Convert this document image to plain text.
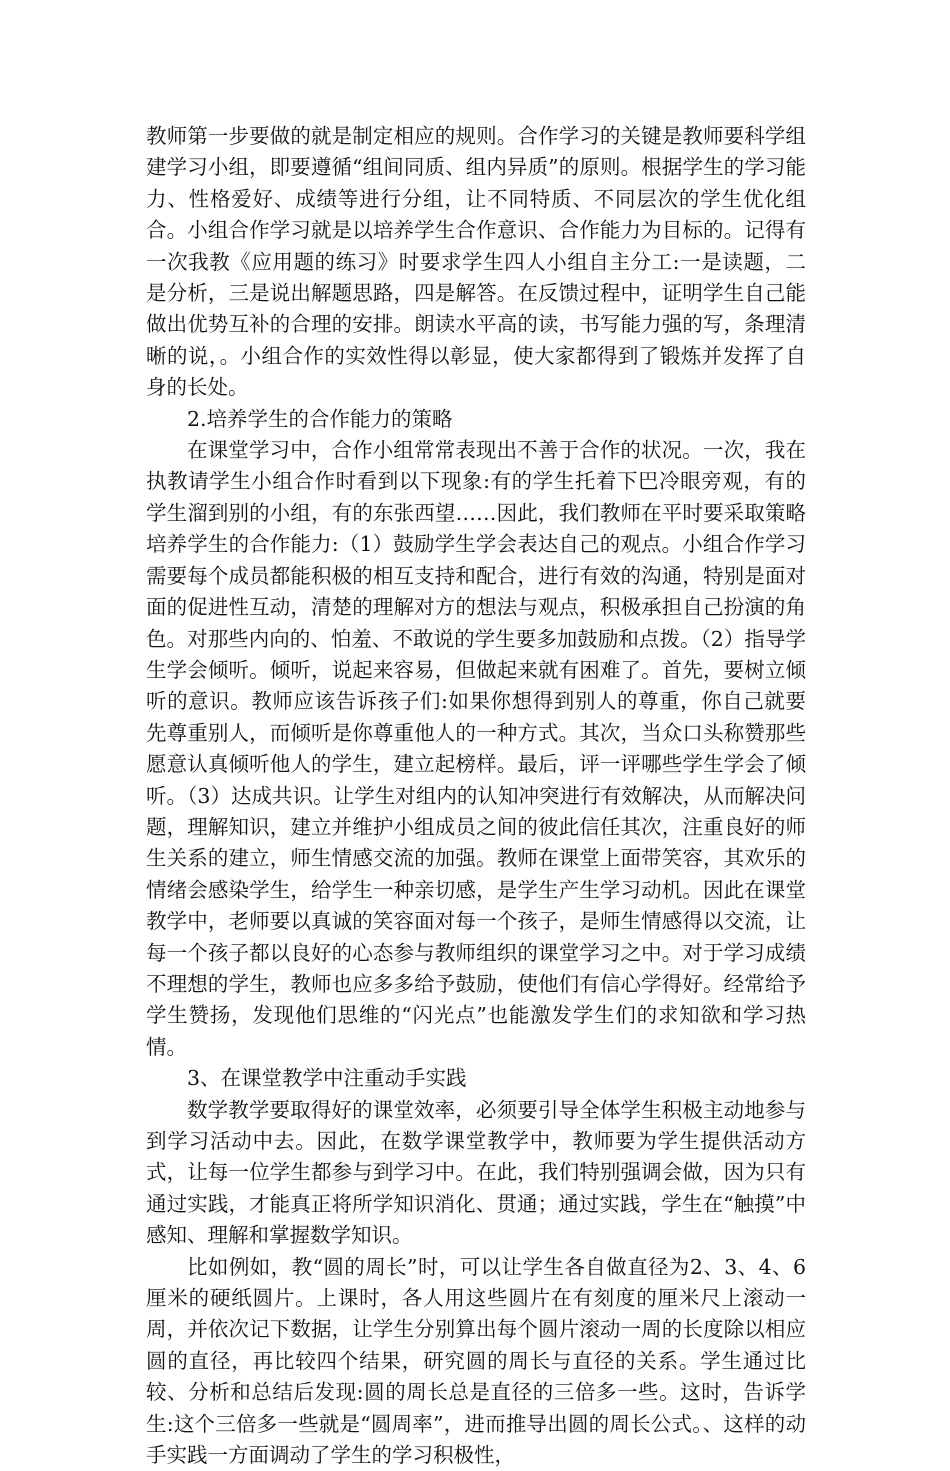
教师第一步要做的就是制定相应的规则。合作学习的关键是教师要科学组建学习小组，即要遵循“组间同质、组内异质”的原则。根据学生的学习能力、性格爱好、成绩等进行分组，让不同特质、不同层次的学生优化组合。小组合作学习就是以培养学生合作意识、合作能力为目标的。记得有一次我教《应用题的练习》时要求学生四人小组自主分工:一是读题，二是分析，三是说出解题思路，四是解答。在反馈过程中，证明学生自己能做出优势互补的合理的安排。朗读水平高的读，书写能力强的写，条理清晰的说，。小组合作的实效性得以彰显，使大家都得到了锻炼并发挥了自身的长处。

2.培养学生的合作能力的策略

在课堂学习中，合作小组常常表现出不善于合作的状况。一次，我在执教请学生小组合作时看到以下现象:有的学生托着下巴冷眼旁观，有的学生溜到别的小组，有的东张西望……因此，我们教师在平时要采取策略培养学生的合作能力:（1）鼓励学生学会表达自己的观点。小组合作学习需要每个成员都能积极的相互支持和配合，进行有效的沟通，特别是面对面的促进性互动，清楚的理解对方的想法与观点，积极承担自己扮演的角色。对那些内向的、怕羞、不敢说的学生要多加鼓励和点拨。（2）指导学生学会倾听。倾听，说起来容易，但做起来就有困难了。首先，要树立倾听的意识。教师应该告诉孩子们:如果你想得到别人的尊重，你自己就要先尊重别人，而倾听是你尊重他人的一种方式。其次，当众口头称赞那些愿意认真倾听他人的学生，建立起榜样。最后，评一评哪些学生学会了倾听。（3）达成共识。让学生对组内的认知冲突进行有效解决，从而解决问题，理解知识，建立并维护小组成员之间的彼此信任其次，注重良好的师生关系的建立，师生情感交流的加强。教师在课堂上面带笑容，其欢乐的情绪会感染学生，给学生一种亲切感，是学生产生学习动机。因此在课堂教学中，老师要以真诚的笑容面对每一个孩子，是师生情感得以交流，让每一个孩子都以良好的心态参与教师组织的课堂学习之中。对于学习成绩不理想的学生，教师也应多多给予鼓励，使他们有信心学得好。经常给予学生赞扬，发现他们思维的“闪光点”也能激发学生们的求知欲和学习热情。

3、在课堂教学中注重动手实践

数学教学要取得好的课堂效率，必须要引导全体学生积极主动地参与到学习活动中去。因此，在数学课堂教学中，教师要为学生提供活动方式，让每一位学生都参与到学习中。在此，我们特别强调会做，因为只有通过实践，才能真正将所学知识消化、贯通；通过实践，学生在“触摸”中感知、理解和掌握数学知识。

比如例如，教“圆的周长”时，可以让学生各自做直径为2、3、4、6厘米的硬纸圆片。上课时，各人用这些圆片在有刻度的厘米尺上滚动一周，并依次记下数据，让学生分别算出每个圆片滚动一周的长度除以相应圆的直径，再比较四个结果，研究圆的周长与直径的关系。学生通过比较、分析和总结后发现:圆的周长总是直径的三倍多一些。这时，告诉学生:这个三倍多一些就是“圆周率”，进而推导出圆的周长公式。、这样的动手实践一方面调动了学生的学习积极性，
